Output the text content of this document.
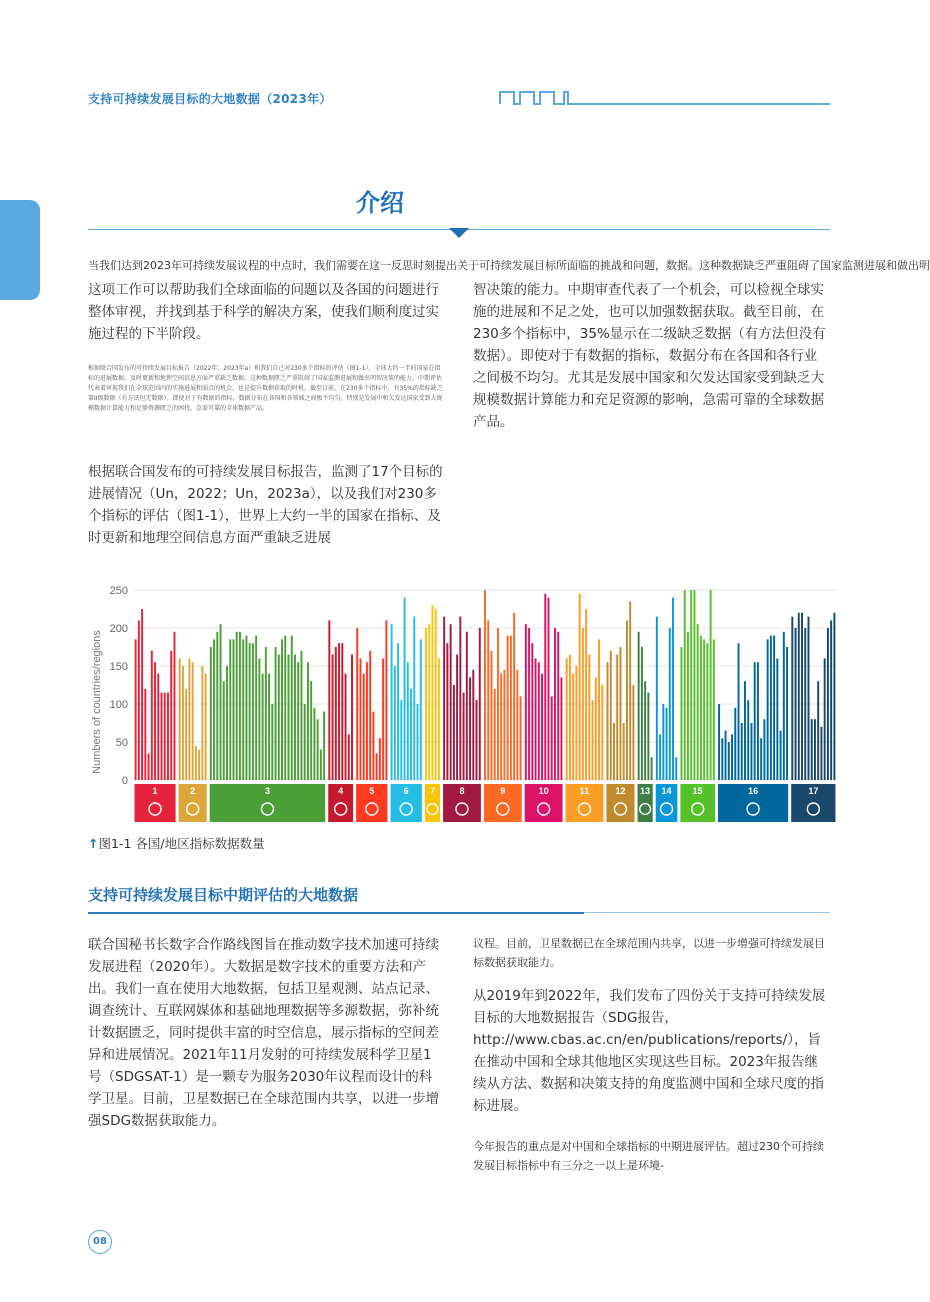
支持可持续发展目标的大地数据（2023年）
介绍
当我们达到2023年可持续发展议程的中点时，我们需要在这一反思时刻提出关于可持续发展目标所面临的挑战和问题，数据。这种数据缺乏严重阻碍了国家监测进展和做出明
这项工作可以帮助我们全球面临的问题以及各国的问题进行整体审视，并找到基于科学的解决方案，使我们顺利度过实施过程的下半阶段。
根据联合国发布的可持续发展目标报告（2022年；2023年a）和我们自己对230多个指标的评估（图1-1），全球大约一半的国家在指标的进展数据、及时更新和地理空间信息方面严重缺乏数据。这种数据匮乏严重阻碍了国家监测进展和做出明智决策的能力。中期评估代表着审视我们在全球范围内的实施进展和弱点的机会，也是提升数据获取的时机。截至目前，在230多个指标中，有35%的指标缺乏第II级数据（有方法但无数据）。即使对于有数据的指标，数据分布在各国和各领域之间极不均匀。特别是发展中和欠发达国家受到大规模数据计算能力和足够资源匮乏的困扰，急需可靠的全球数据产品。
根据联合国发布的可持续发展目标报告，监测了17个目标的进展情况（Un，2022；Un，2023a），以及我们对230多个指标的评估（图1-1），世界上大约一半的国家在指标、及时更新和地理空间信息方面严重缺乏进展
智决策的能力。中期审查代表了一个机会，可以检视全球实施的进展和不足之处，也可以加强数据获取。截至目前，在230多个指标中，35%显示在二级缺乏数据（有方法但没有数据）。即使对于有数据的指标，数据分布在各国和各行业之间极不均匀。尤其是发展中国家和欠发达国家受到缺乏大规模数据计算能力和充足资源的影响，急需可靠的全球数据产品。
0
50
100
150
200
250
1	2	3	4	5	6 7	8	9	10	11	12 13 14 15	16	17
Numbers of countries/regions
↑图1-1 各国/地区指标数据数量
支持可持续发展目标中期评估的大地数据
联合国秘书长数字合作路线图旨在推动数字技术加速可持续发展进程（2020年）。大数据是数字技术的重要方法和产出。我们一直在使用大地数据，包括卫星观测、站点记录、调查统计、互联网媒体和基础地理数据等多源数据，弥补统计数据匮乏，同时提供丰富的时空信息，展示指标的空间差异和进展情况。2021年11月发射的可持续发展科学卫星1号（SDGSAT-1）是一颗专为服务2030年议程而设计的科学卫星。目前，卫星数据已在全球范围内共享，以进一步增强SDG数据获取能力。
议程。目前，卫星数据已在全球范围内共享，以进一步增强可持续发展目标数据获取能力。
从2019年到2022年，我们发布了四份关于支持可持续发展目标的大地数据报告（SDG报告，http://www.cbas.ac.cn/en/publications/reports/），旨在推动中国和全球其他地区实现这些目标。2023年报告继续从方法、数据和决策支持的角度监测中国和全球尺度的指标进展。
今年报告的重点是对中国和全球指标的中期进展评估。超过230个可持续发展目标指标中有三分之一以上是环境-
08
